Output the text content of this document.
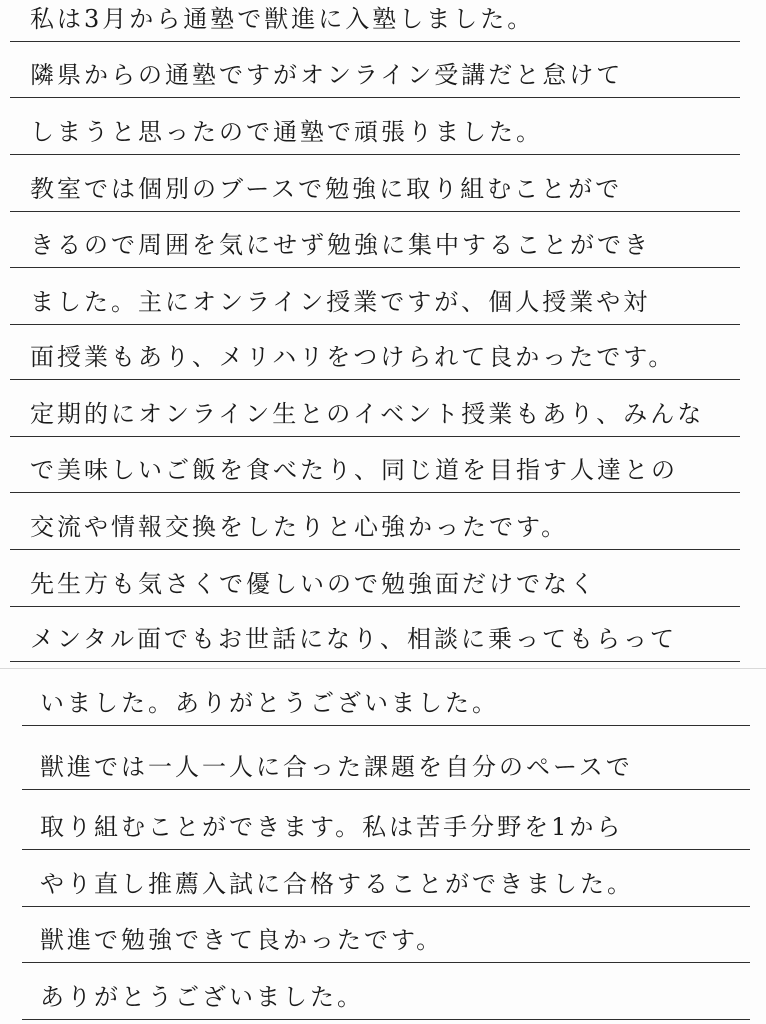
私は3月から通塾で獣進に入塾しました。
隣県からの通塾ですがオンライン受講だと怠けて
しまうと思ったので通塾で頑張りました。
教室では個別のブースで勉強に取り組むことがで
きるので周囲を気にせず勉強に集中することができ
ました。主にオンライン授業ですが、個人授業や対
面授業もあり、メリハリをつけられて良かったです。
定期的にオンライン生とのイベント授業もあり、みんな
で美味しいご飯を食べたり、同じ道を目指す人達との
交流や情報交換をしたりと心強かったです。
先生方も気さくで優しいので勉強面だけでなく
メンタル面でもお世話になり、相談に乗ってもらって
いました。ありがとうございました。
獣進では一人一人に合った課題を自分のペースで
取り組むことができます。私は苦手分野を1から
やり直し推薦入試に合格することができました。
獣進で勉強できて良かったです。
ありがとうございました。
